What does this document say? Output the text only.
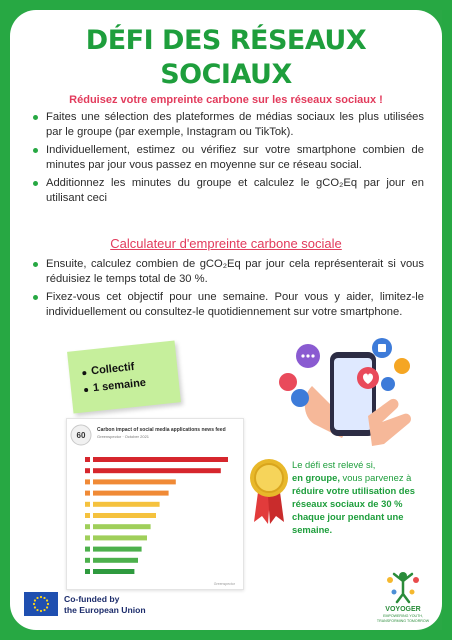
DÉFI DES RÉSEAUX
SOCIAUX
Réduisez votre empreinte carbone sur les réseaux sociaux !
Faites une sélection des plateformes de médias sociaux les plus utilisées par le groupe (par exemple, Instagram ou TikTok).
Individuellement, estimez ou vérifiez sur votre smartphone combien de minutes par jour vous passez en moyenne sur ce réseau social.
Additionnez les minutes du groupe et calculez le gCO₂Eq par jour en utilisant ceci
Calculateur d'empreinte carbone sociale
Ensuite, calculez combien de gCO₂Eq par jour cela représenterait si vous réduisiez le temps total de 30 %.
Fixez-vous cet objectif pour une semaine. Pour vous y aider, limitez-le individuellement ou consultez-le quotidiennement sur votre smartphone.
Collectif
1 semaine
60
Carbon impact of social media applications news feed
Greenspector · October 2021
Greenspector
Le défi est relevé si,
en groupe, vous parvenez à réduire votre utilisation des réseaux sociaux de 30 % chaque jour pendant une semaine.
Co-funded by
the European Union	VOYOGER
EMPOWERING YOUTH, TRANSFORMING TOMORROW
